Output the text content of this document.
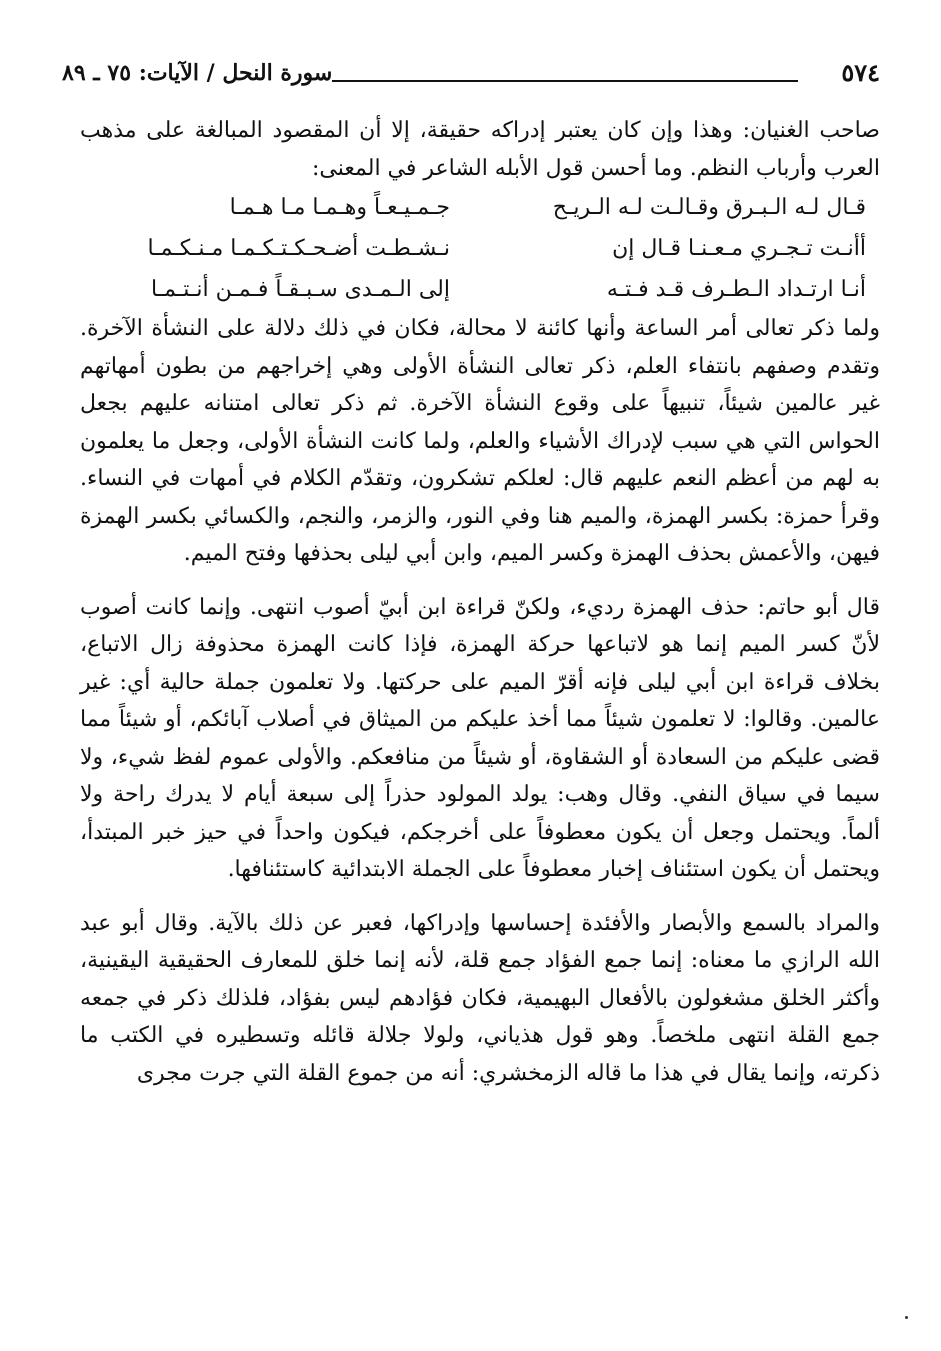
٥٧٤
سورة النحل / الآيات: ٧٥ ـ ٨٩

صاحب الغنيان: وهذا وإن كان يعتبر إدراكه حقيقة، إلا أن المقصود المبالغة على مذهب العرب وأرباب النظم. وما أحسن قول الأبله الشاعر في المعنى:

قـال لـه الـبـرق وقـالـت لـه الـريـح
جـمـيـعـاً وهـمـا مـا هـمـا
أأنـت تـجـري مـعـنـا قـال إن
نـشـطـت أضـحـكـتـكـمـا مـنـكـمـا
أنـا ارتـداد الـطـرف قـد فـتـه
إلى الـمـدى سـبـقـاً فـمـن أنـتـمـا

ولما ذكر تعالى أمر الساعة وأنها كائنة لا محالة، فكان في ذلك دلالة على النشأة الآخرة. وتقدم وصفهم بانتفاء العلم، ذكر تعالى النشأة الأولى وهي إخراجهم من بطون أمهاتهم غير عالمين شيئاً، تنبيهاً على وقوع النشأة الآخرة. ثم ذكر تعالى امتنانه عليهم بجعل الحواس التي هي سبب لإدراك الأشياء والعلم، ولما كانت النشأة الأولى، وجعل ما يعلمون به لهم من أعظم النعم عليهم قال: لعلكم تشكرون، وتقدّم الكلام في أمهات في النساء. وقرأ حمزة: بكسر الهمزة، والميم هنا وفي النور، والزمر، والنجم، والكسائي بكسر الهمزة فيهن، والأعمش بحذف الهمزة وكسر الميم، وابن أبي ليلى بحذفها وفتح الميم.

قال أبو حاتم: حذف الهمزة رديء، ولكنّ قراءة ابن أبيّ أصوب انتهى. وإنما كانت أصوب لأنّ كسر الميم إنما هو لاتباعها حركة الهمزة، فإذا كانت الهمزة محذوفة زال الاتباع، بخلاف قراءة ابن أبي ليلى فإنه أقرّ الميم على حركتها. ولا تعلمون جملة حالية أي: غير عالمين. وقالوا: لا تعلمون شيئاً مما أخذ عليكم من الميثاق في أصلاب آبائكم، أو شيئاً مما قضى عليكم من السعادة أو الشقاوة، أو شيئاً من منافعكم. والأولى عموم لفظ شيء، ولا سيما في سياق النفي. وقال وهب: يولد المولود حذراً إلى سبعة أيام لا يدرك راحة ولا ألماً. ويحتمل وجعل أن يكون معطوفاً على أخرجكم، فيكون واحداً في حيز خبر المبتدأ، ويحتمل أن يكون استئناف إخبار معطوفاً على الجملة الابتدائية كاستئنافها.

والمراد بالسمع والأبصار والأفئدة إحساسها وإدراكها، فعبر عن ذلك بالآية. وقال أبو عبد الله الرازي ما معناه: إنما جمع الفؤاد جمع قلة، لأنه إنما خلق للمعارف الحقيقية اليقينية، وأكثر الخلق مشغولون بالأفعال البهيمية، فكان فؤادهم ليس بفؤاد، فلذلك ذكر في جمعه جمع القلة انتهى ملخصاً. وهو قول هذياني، ولولا جلالة قائله وتسطيره في الكتب ما ذكرته، وإنما يقال في هذا ما قاله الزمخشري: أنه من جموع القلة التي جرت مجرى
